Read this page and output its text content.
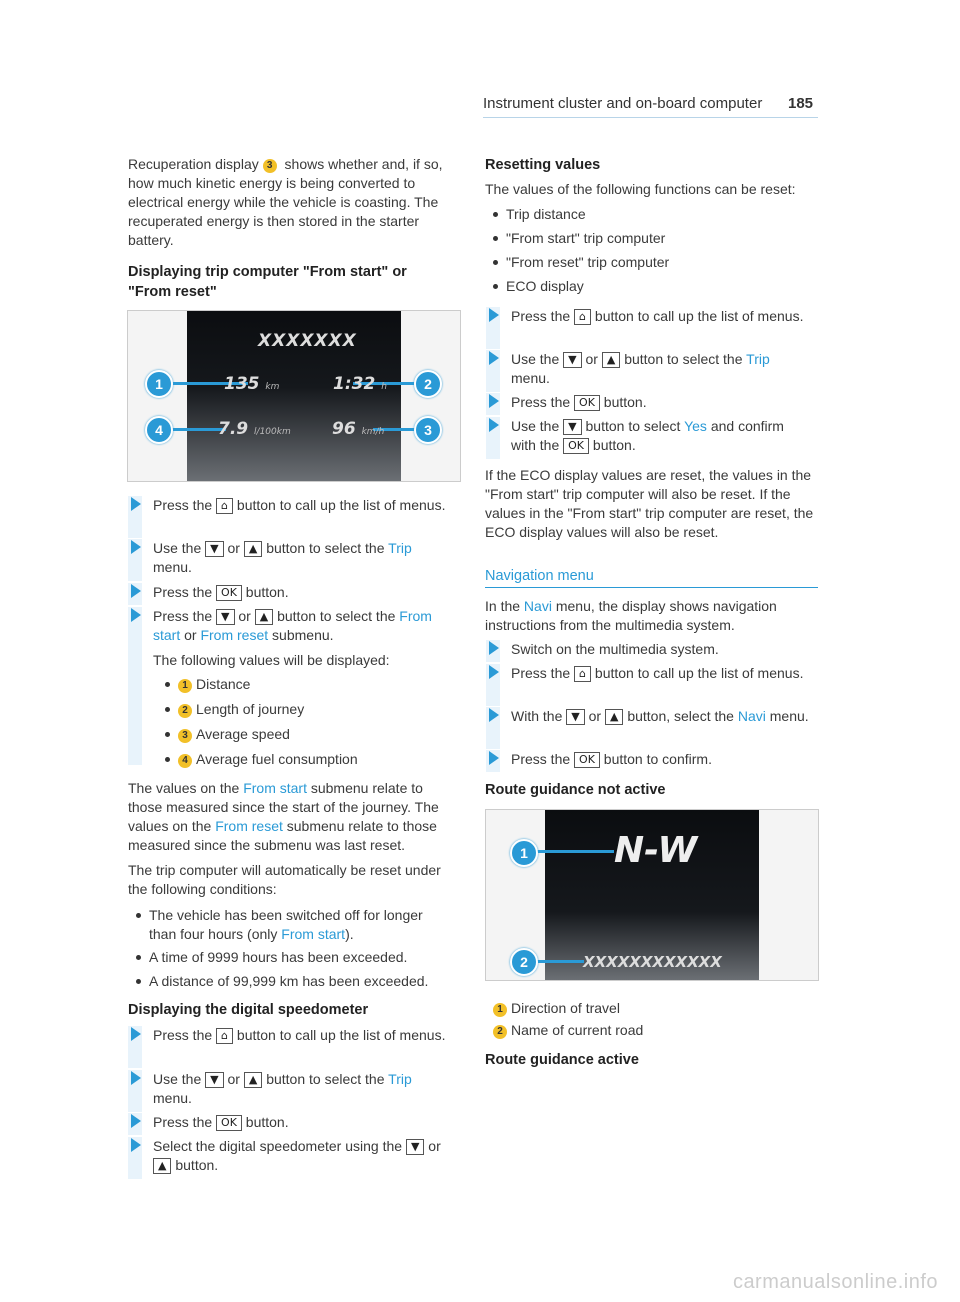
Instrument cluster and on-board computer 185
Recuperation display 3 shows whether and, if so, how much kinetic energy is being converted to electrical energy while the vehicle is coasting. The recuperated energy is then stored in the starter battery.
Displaying trip computer "From start" or "From reset"
XXXXXXX
135 km	1:32 h
7.9 l/100km 96 km/h
1	2
3
4
Press the ⌂ button to call up the list of menus.
Use the ▼ or ▲ button to select the Trip menu.
Press the OK button.
Press the ▼ or ▲ button to select the From start or From reset submenu.
The following values will be displayed:
1 Distance
2 Length of journey
3 Average speed
4 Average fuel consumption
The values on the From start submenu relate to those measured since the start of the journey. The values on the From reset submenu relate to those measured since the submenu was last reset.
The trip computer will automatically be reset under the following conditions:
The vehicle has been switched off for longer than four hours (only From start).
A time of 9999 hours has been exceeded.
A distance of 99,999 km has been exceeded.
Displaying the digital speedometer
Press the ⌂ button to call up the list of menus.
Use the ▼ or ▲ button to select the Trip menu.
Press the OK button.
Select the digital speedometer using the ▼ or ▲ button.
Resetting values
The values of the following functions can be reset:
Trip distance
"From start" trip computer
"From reset" trip computer
ECO display
Press the ⌂ button to call up the list of menus.
Use the ▼ or ▲ button to select the Trip menu.
Press the OK button.
Use the ▼ button to select Yes and confirm with the OK button.
If the ECO display values are reset, the values in the "From start" trip computer will also be reset. If the values in the "From start" trip computer are reset, the ECO display values will also be reset.
Navigation menu
In the Navi menu, the display shows navigation instructions from the multimedia system.
Switch on the multimedia system.
Press the ⌂ button to call up the list of menus.
With the ▼ or ▲ button, select the Navi menu.
Press the OK button to confirm.
Route guidance not active
N-W
XXXXXXXXXXXX
1
2
1 Direction of travel
2 Name of current road
Route guidance active
carmanualsonline.info
